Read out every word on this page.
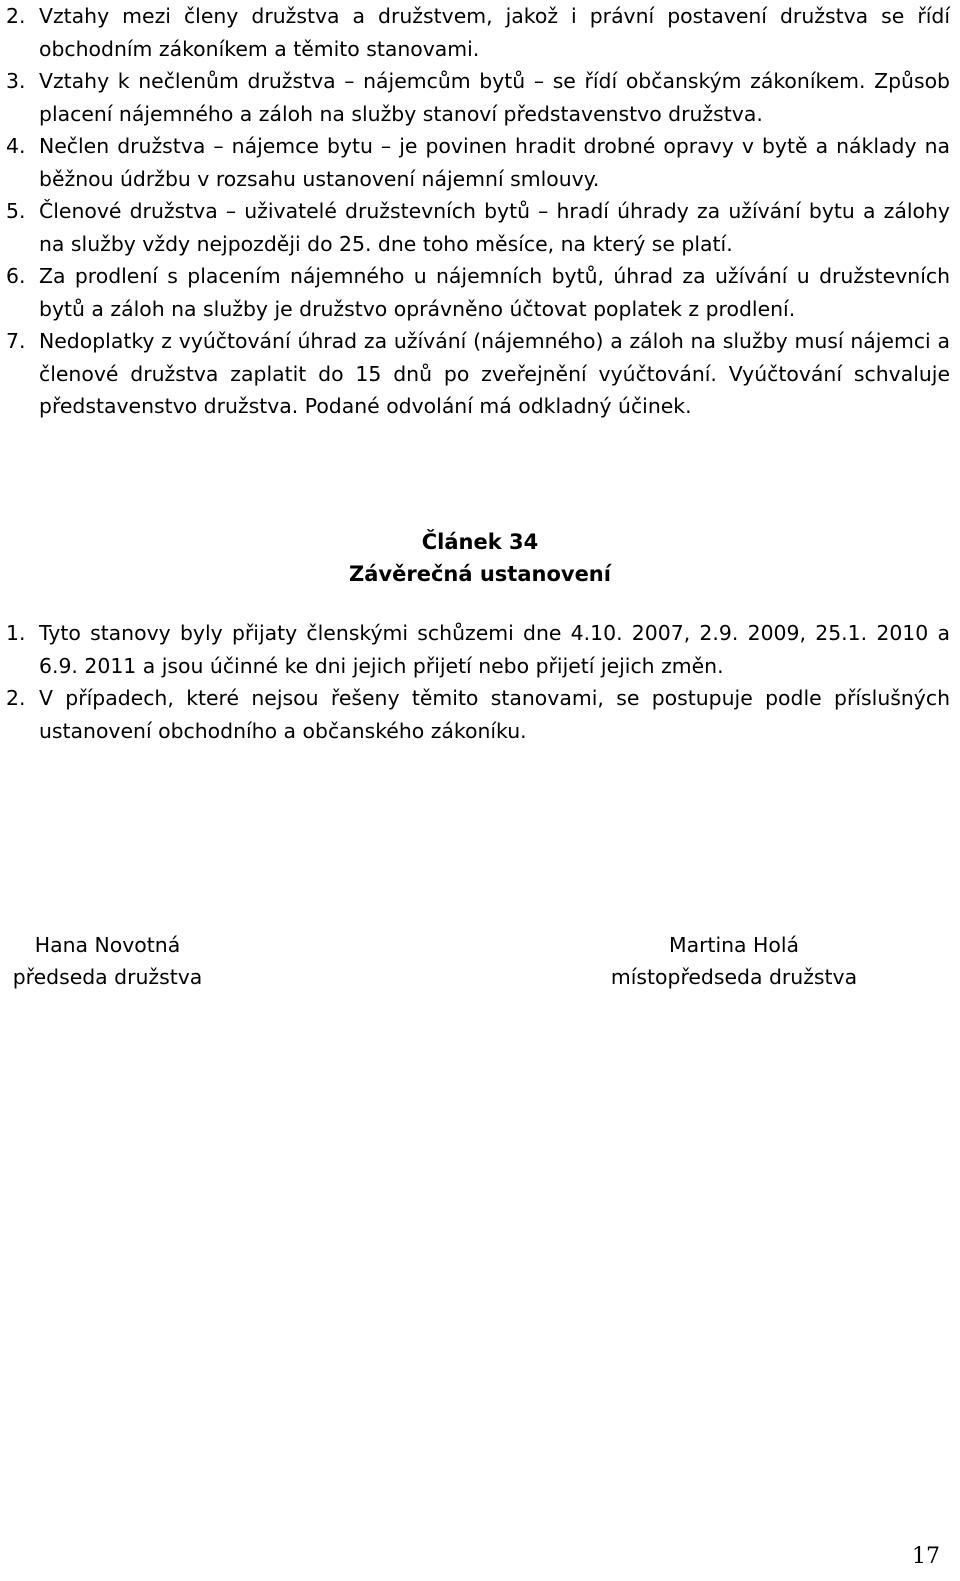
2. Vztahy mezi členy družstva a družstvem, jakož i právní postavení družstva se řídí obchodním zákoníkem a těmito stanovami.
3. Vztahy k nečlenům družstva – nájemcům bytů – se řídí občanským zákoníkem. Způsob placení nájemného a záloh na služby stanoví představenstvo družstva.
4. Nečlen družstva – nájemce bytu – je povinen hradit drobné opravy v bytě a náklady na běžnou údržbu v rozsahu ustanovení nájemní smlouvy.
5. Členové družstva – uživatelé družstevních bytů – hradí úhrady za užívání bytu a zálohy na služby vždy nejpozději do 25. dne toho měsíce, na který se platí.
6. Za prodlení s placením nájemného u nájemních bytů, úhrad za užívání u družstevních bytů a záloh na služby je družstvo oprávněno účtovat poplatek z prodlení.
7. Nedoplatky z vyúčtování úhrad za užívání (nájemného) a záloh na služby musí nájemci a členové družstva zaplatit do 15 dnů po zveřejnění vyúčtování. Vyúčtování schvaluje představenstvo družstva. Podané odvolání má odkladný účinek.
Článek 34
Závěrečná ustanovení
1. Tyto stanovy byly přijaty členskými schůzemi dne 4.10. 2007, 2.9. 2009, 25.1. 2010 a 6.9. 2011 a jsou účinné ke dni jejich přijetí nebo přijetí jejich změn.
2. V případech, které nejsou řešeny těmito stanovami, se postupuje podle příslušných ustanovení obchodního a občanského zákoníku.
Hana Novotná
předseda družstva
Martina Holá
místopředseda družstva
17
